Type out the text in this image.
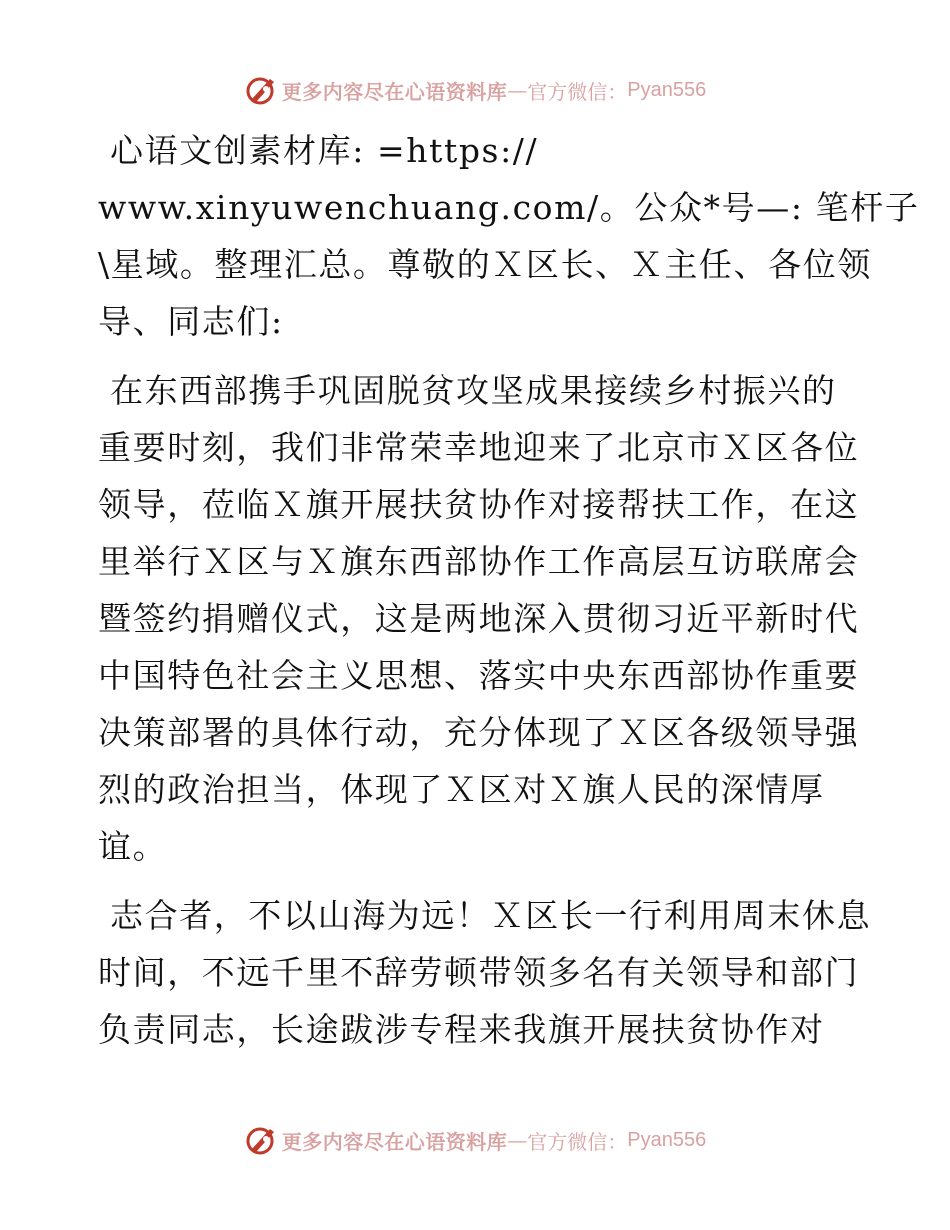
更多内容尽在心语资料库 — 官方微信： Pyan556
心语文创素材库: =https://
www.xinyuwenchuang.com/。公众*号—: 笔杆子
\星域。整理汇总。尊敬的Ｘ区长、Ｘ主任、各位领
导、同志们:
在东西部携手巩固脱贫攻坚成果接续乡村振兴的
重要时刻，我们非常荣幸地迎来了北京市Ｘ区各位
领导，莅临Ｘ旗开展扶贫协作对接帮扶工作，在这
里举行Ｘ区与Ｘ旗东西部协作工作高层互访联席会
暨签约捐赠仪式，这是两地深入贯彻习近平新时代
中国特色社会主义思想、落实中央东西部协作重要
决策部署的具体行动，充分体现了Ｘ区各级领导强
烈的政治担当，体现了Ｘ区对Ｘ旗人民的深情厚
谊。
志合者，不以山海为远！Ｘ区长一行利用周末休息
时间，不远千里不辞劳顿带领多名有关领导和部门
负责同志，长途跋涉专程来我旗开展扶贫协作对
更多内容尽在心语资料库 — 官方微信： Pyan556
